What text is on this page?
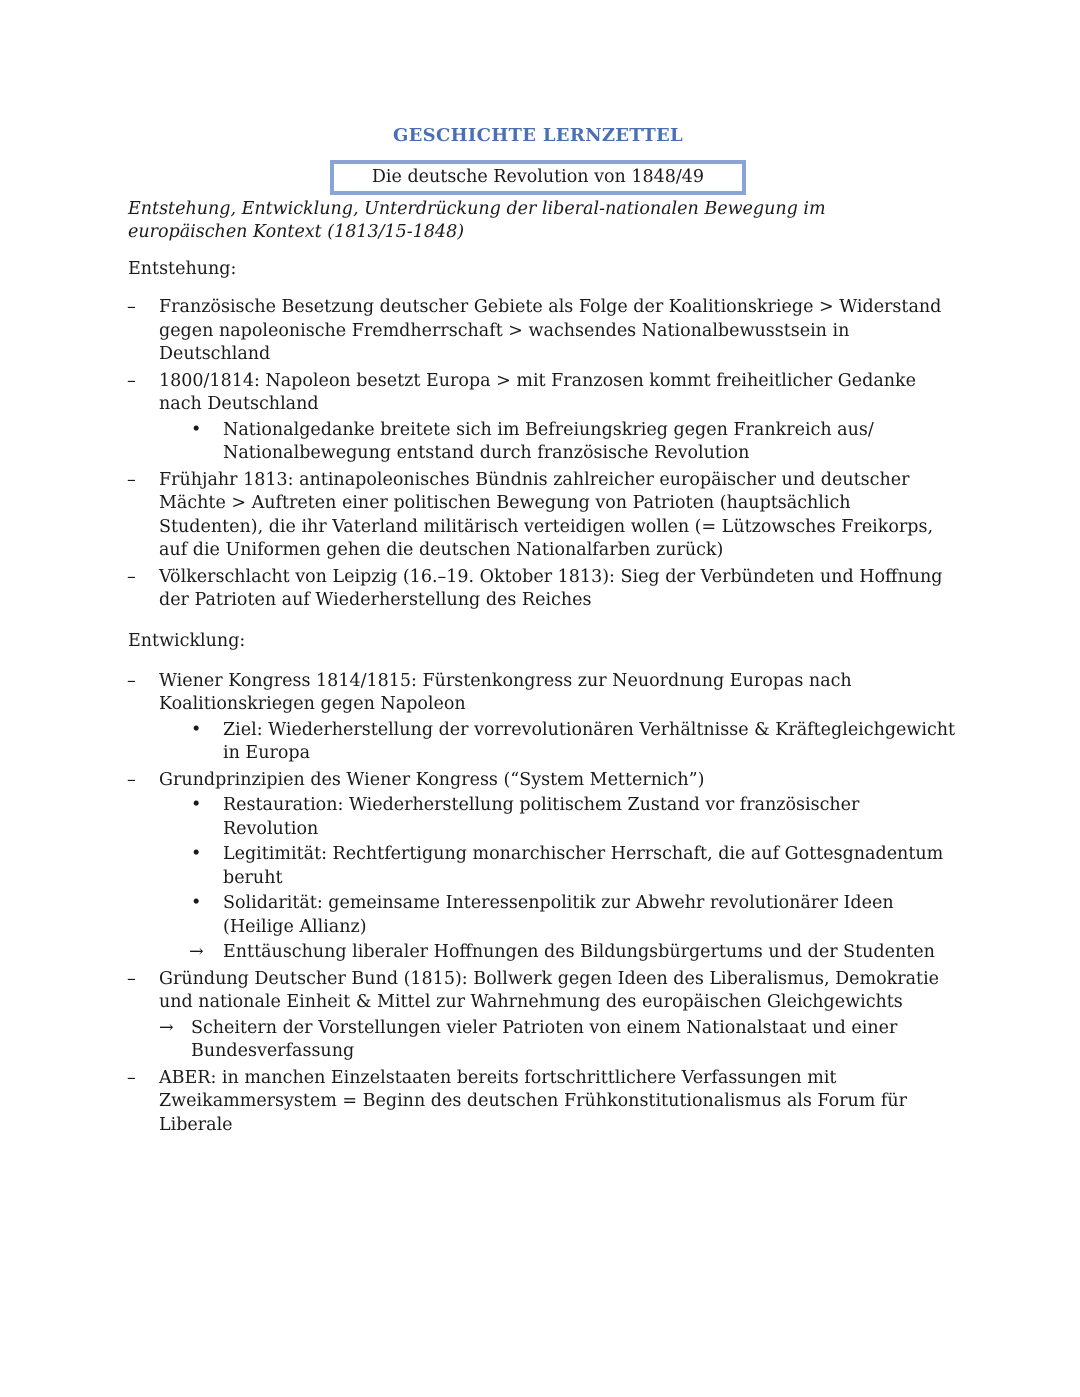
GESCHICHTE LERNZETTEL
Die deutsche Revolution von 1848/49
Entstehung, Entwicklung, Unterdrückung der liberal-nationalen Bewegung im
europäischen Kontext (1813/15-1848)
Entstehung:
– Französische Besetzung deutscher Gebiete als Folge der Koalitionskriege > Widerstand gegen napoleonische Fremdherrschaft > wachsendes Nationalbewusstsein in Deutschland
– 1800/1814: Napoleon besetzt Europa > mit Franzosen kommt freiheitlicher Gedanke nach Deutschland
• Nationalgedanke breitete sich im Befreiungskrieg gegen Frankreich aus/ Nationalbewegung entstand durch französische Revolution
– Frühjahr 1813: antinapoleonisches Bündnis zahlreicher europäischer und deutscher Mächte > Auftreten einer politischen Bewegung von Patrioten (hauptsächlich Studenten), die ihr Vaterland militärisch verteidigen wollen (= Lützowsches Freikorps, auf die Uniformen gehen die deutschen Nationalfarben zurück)
– Völkerschlacht von Leipzig (16.–19. Oktober 1813): Sieg der Verbündeten und Hoffnung der Patrioten auf Wiederherstellung des Reiches
Entwicklung:
– Wiener Kongress 1814/1815: Fürstenkongress zur Neuordnung Europas nach Koalitionskriegen gegen Napoleon
• Ziel: Wiederherstellung der vorrevolutionären Verhältnisse & Kräftegleichgewicht in Europa
– Grundprinzipien des Wiener Kongress (“System Metternich”)
• Restauration: Wiederherstellung politischem Zustand vor französischer Revolution
• Legitimität: Rechtfertigung monarchischer Herrschaft, die auf Gottesgnadentum beruht
• Solidarität: gemeinsame Interessenpolitik zur Abwehr revolutionärer Ideen (Heilige Allianz)
→ Enttäuschung liberaler Hoffnungen des Bildungsbürgertums und der Studenten
– Gründung Deutscher Bund (1815): Bollwerk gegen Ideen des Liberalismus, Demokratie und nationale Einheit & Mittel zur Wahrnehmung des europäischen Gleichgewichts
→ Scheitern der Vorstellungen vieler Patrioten von einem Nationalstaat und einer Bundesverfassung
– ABER: in manchen Einzelstaaten bereits fortschrittlichere Verfassungen mit Zweikammersystem = Beginn des deutschen Frühkonstitutionalismus als Forum für Liberale
